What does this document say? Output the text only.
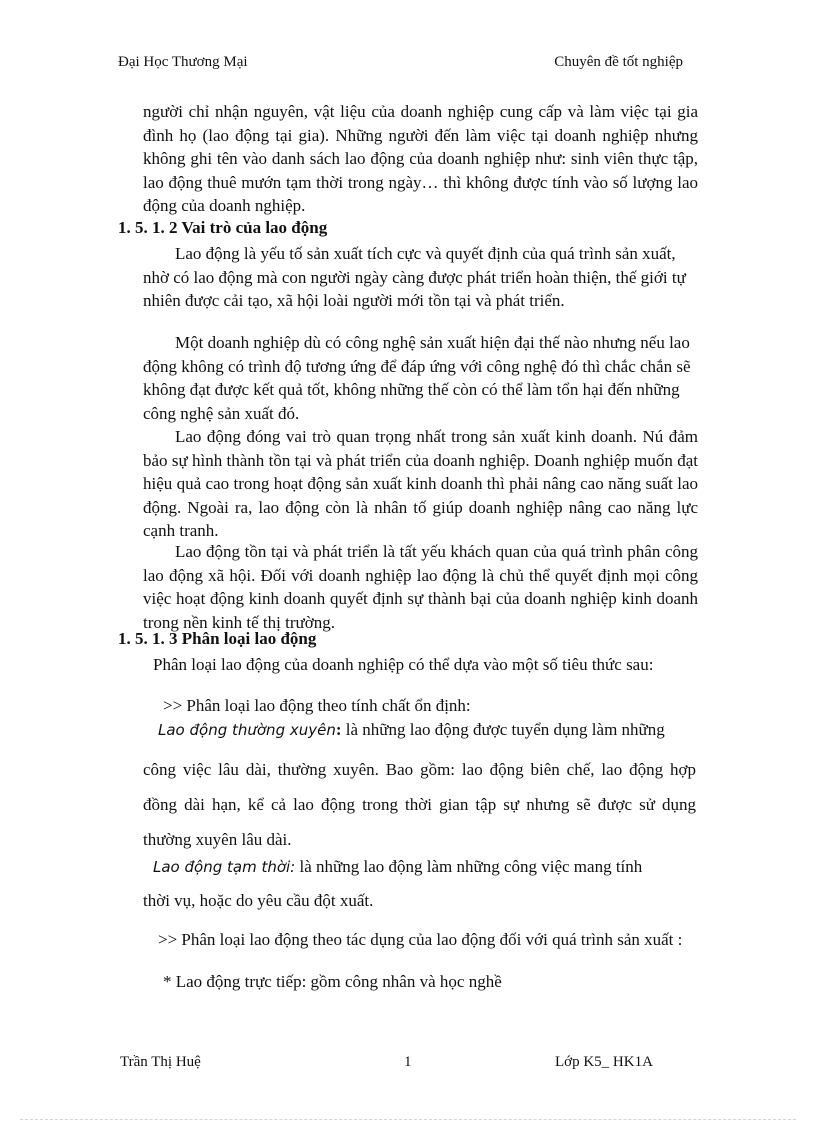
Đại Học Thương Mại	Chuyên đề tốt nghiệp

người chỉ nhận nguyên, vật liệu của doanh nghiệp cung cấp và làm việc tại gia đình họ (lao động tại gia). Những người đến làm việc tại doanh nghiệp nhưng không ghi tên vào danh sách lao động của doanh nghiệp như: sinh viên thực tập, lao động thuê mướn tạm thời trong ngày… thì không được tính vào số lượng lao động của doanh nghiệp.

1. 5. 1. 2 Vai trò của lao động

Lao động là yếu tố sản xuất tích cực và quyết định của quá trình sản xuất, nhờ có lao động mà con người ngày càng được phát triển hoàn thiện, thế giới tự nhiên được cải tạo, xã hội loài người mới tồn tại và phát triển.

Một doanh nghiệp dù có công nghệ sản xuất hiện đại thế nào nhưng nếu lao động không có trình độ tương ứng để đáp ứng với công nghệ đó thì chắc chắn sẽ không đạt được kết quả tốt, không những thế còn có thể làm tổn hại đến những công nghệ sản xuất đó.

Lao động đóng vai trò quan trọng nhất trong sản xuất kinh doanh. Nú đảm bảo sự hình thành tồn tại và phát triển của doanh nghiệp. Doanh nghiệp muốn đạt hiệu quả cao trong hoạt động sản xuất kinh doanh thì phải nâng cao năng suất lao động. Ngoài ra, lao động còn là nhân tố giúp doanh nghiệp nâng cao năng lực cạnh tranh.

Lao động tồn tại và phát triển là tất yếu khách quan của quá trình phân công lao động xã hội. Đối với doanh nghiệp lao động là chủ thể quyết định mọi công việc hoạt động kinh doanh quyết định sự thành bại của doanh nghiệp kinh doanh trong nền kinh tế thị trường.

1. 5. 1. 3 Phân loại lao động

Phân loại lao động của doanh nghiệp có thể dựa vào một số tiêu thức sau:

>> Phân loại lao động theo tính chất ổn định:
Lao động thường xuyên: là những lao động được tuyển dụng làm những

công việc lâu dài, thường xuyên. Bao gồm: lao động biên chế, lao động hợp đồng dài hạn, kể cả lao động trong thời gian tập sự nhưng sẽ được sử dụng thường xuyên lâu dài.

Lao động tạm thời: là những lao động làm những công việc mang tính
thời vụ, hoặc do yêu cầu đột xuất.

>> Phân loại lao động theo tác dụng của lao động đối với quá trình sản xuất :

* Lao động trực tiếp: gồm công nhân và học nghề
Trần Thị Huệ	1	Lớp K5_ HK1A
